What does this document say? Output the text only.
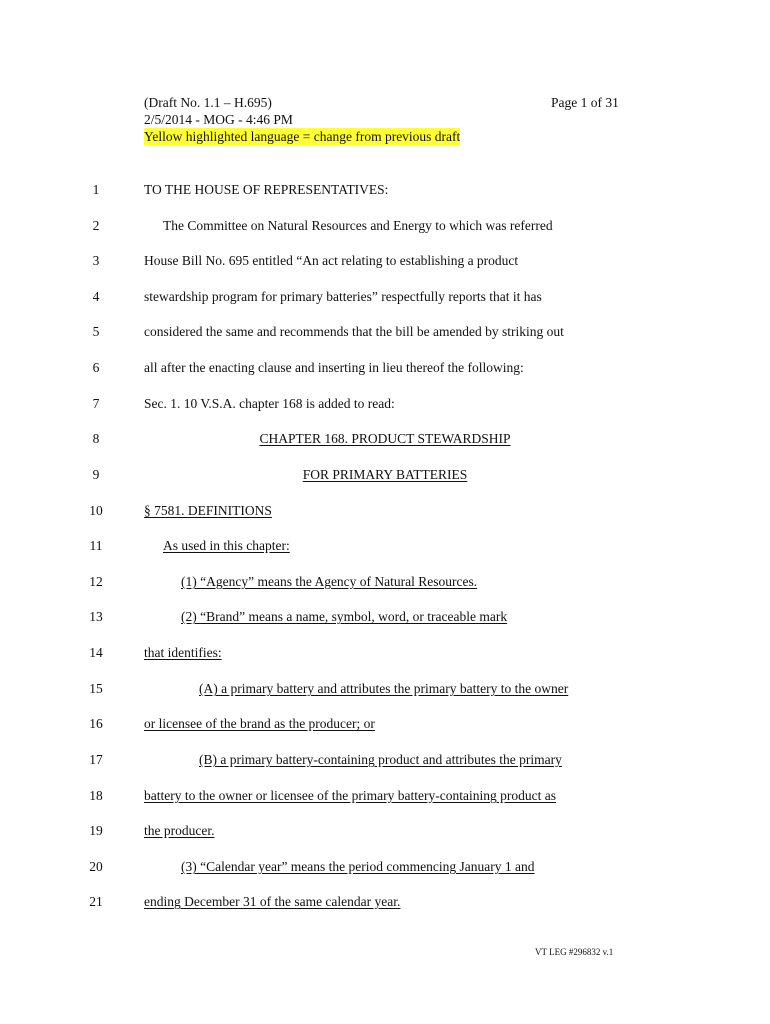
(Draft No. 1.1 – H.695)	Page 1 of 31
2/5/2014 - MOG - 4:46 PM
Yellow highlighted language = change from previous draft
1
2
3
4
5
6
7
8
9
10
11
12
13
14
15
16
17
18
19
20
21
TO THE HOUSE OF REPRESENTATIVES:
The Committee on Natural Resources and Energy to which was referred
House Bill No. 695 entitled “An act relating to establishing a product
stewardship program for primary batteries” respectfully reports that it has
considered the same and recommends that the bill be amended by striking out
all after the enacting clause and inserting in lieu thereof the following:
Sec. 1. 10 V.S.A. chapter 168 is added to read:
CHAPTER 168. PRODUCT STEWARDSHIP
FOR PRIMARY BATTERIES
§ 7581. DEFINITIONS
As used in this chapter:
(1) “Agency” means the Agency of Natural Resources.
(2) “Brand” means a name, symbol, word, or traceable mark
that identifies:
(A) a primary battery and attributes the primary battery to the owner
or licensee of the brand as the producer; or
(B) a primary battery-containing product and attributes the primary
battery to the owner or licensee of the primary battery-containing product as
the producer.
(3) “Calendar year” means the period commencing January 1 and
ending December 31 of the same calendar year.
VT LEG #296832 v.1
